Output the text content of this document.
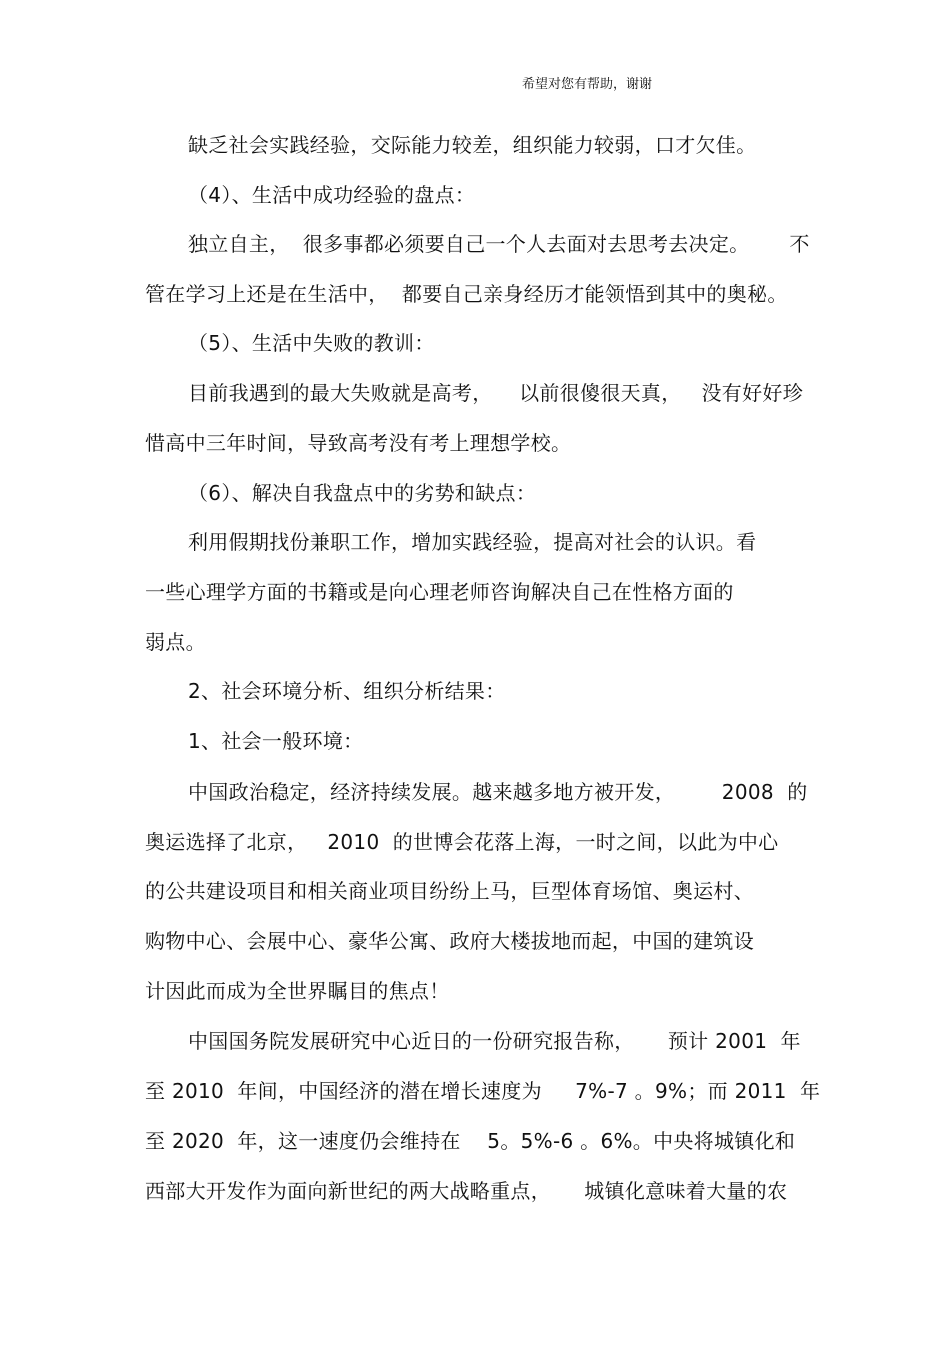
希望对您有帮助，谢谢
缺乏社会实践经验，交际能力较差，组织能力较弱，口才欠佳。
（4）、生活中成功经验的盘点：
独立自主，  很多事都必须要自己一个人去面对去思考去决定。      不
管在学习上还是在生活中，  都要自己亲身经历才能领悟到其中的奥秘。
（5）、生活中失败的教训：
目前我遇到的最大失败就是高考，    以前很傻很天真，   没有好好珍
惜高中三年时间，导致高考没有考上理想学校。
（6）、解决自我盘点中的劣势和缺点：
利用假期找份兼职工作，增加实践经验，提高对社会的认识。看
一些心理学方面的书籍或是向心理老师咨询解决自己在性格方面的
弱点。
2、社会环境分析、组织分析结果：
1、社会一般环境：
中国政治稳定，经济持续发展。越来越多地方被开发，       2008  的
奥运选择了北京，   2010  的世博会花落上海，一时之间，以此为中心
的公共建设项目和相关商业项目纷纷上马，巨型体育场馆、奥运村、
购物中心、会展中心、豪华公寓、政府大楼拔地而起，中国的建筑设
计因此而成为全世界瞩目的焦点！
中国国务院发展研究中心近日的一份研究报告称，     预计 2001  年
至 2010  年间，中国经济的潜在增长速度为     7%-7 。9%；而 2011  年
至 2020  年，这一速度仍会维持在    5。5%-6 。6%。中央将城镇化和
西部大开发作为面向新世纪的两大战略重点，     城镇化意味着大量的农
